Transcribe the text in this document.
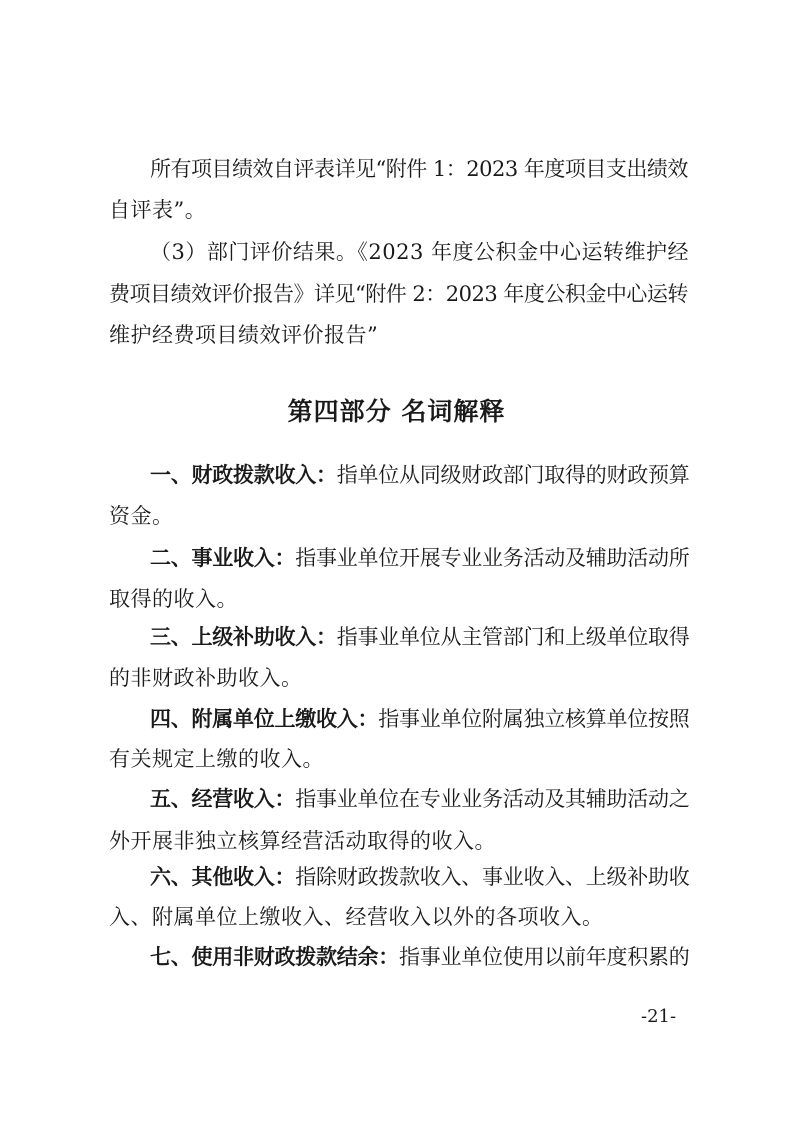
所有项目绩效自评表详见“附件 1：2023 年度项目支出绩效
自评表”。
（3）部门评价结果。《2023 年度公积金中心运转维护经
费项目绩效评价报告》详见“附件 2：2023 年度公积金中心运转
维护经费项目绩效评价报告”
第四部分 名词解释
一、财政拨款收入：指单位从同级财政部门取得的财政预算
资金。
二、事业收入：指事业单位开展专业业务活动及辅助活动所
取得的收入。
三、上级补助收入：指事业单位从主管部门和上级单位取得
的非财政补助收入。
四、附属单位上缴收入：指事业单位附属独立核算单位按照
有关规定上缴的收入。
五、经营收入：指事业单位在专业业务活动及其辅助活动之
外开展非独立核算经营活动取得的收入。
六、其他收入：指除财政拨款收入、事业收入、上级补助收
入、附属单位上缴收入、经营收入以外的各项收入。
七、使用非财政拨款结余：指事业单位使用以前年度积累的
-21-
